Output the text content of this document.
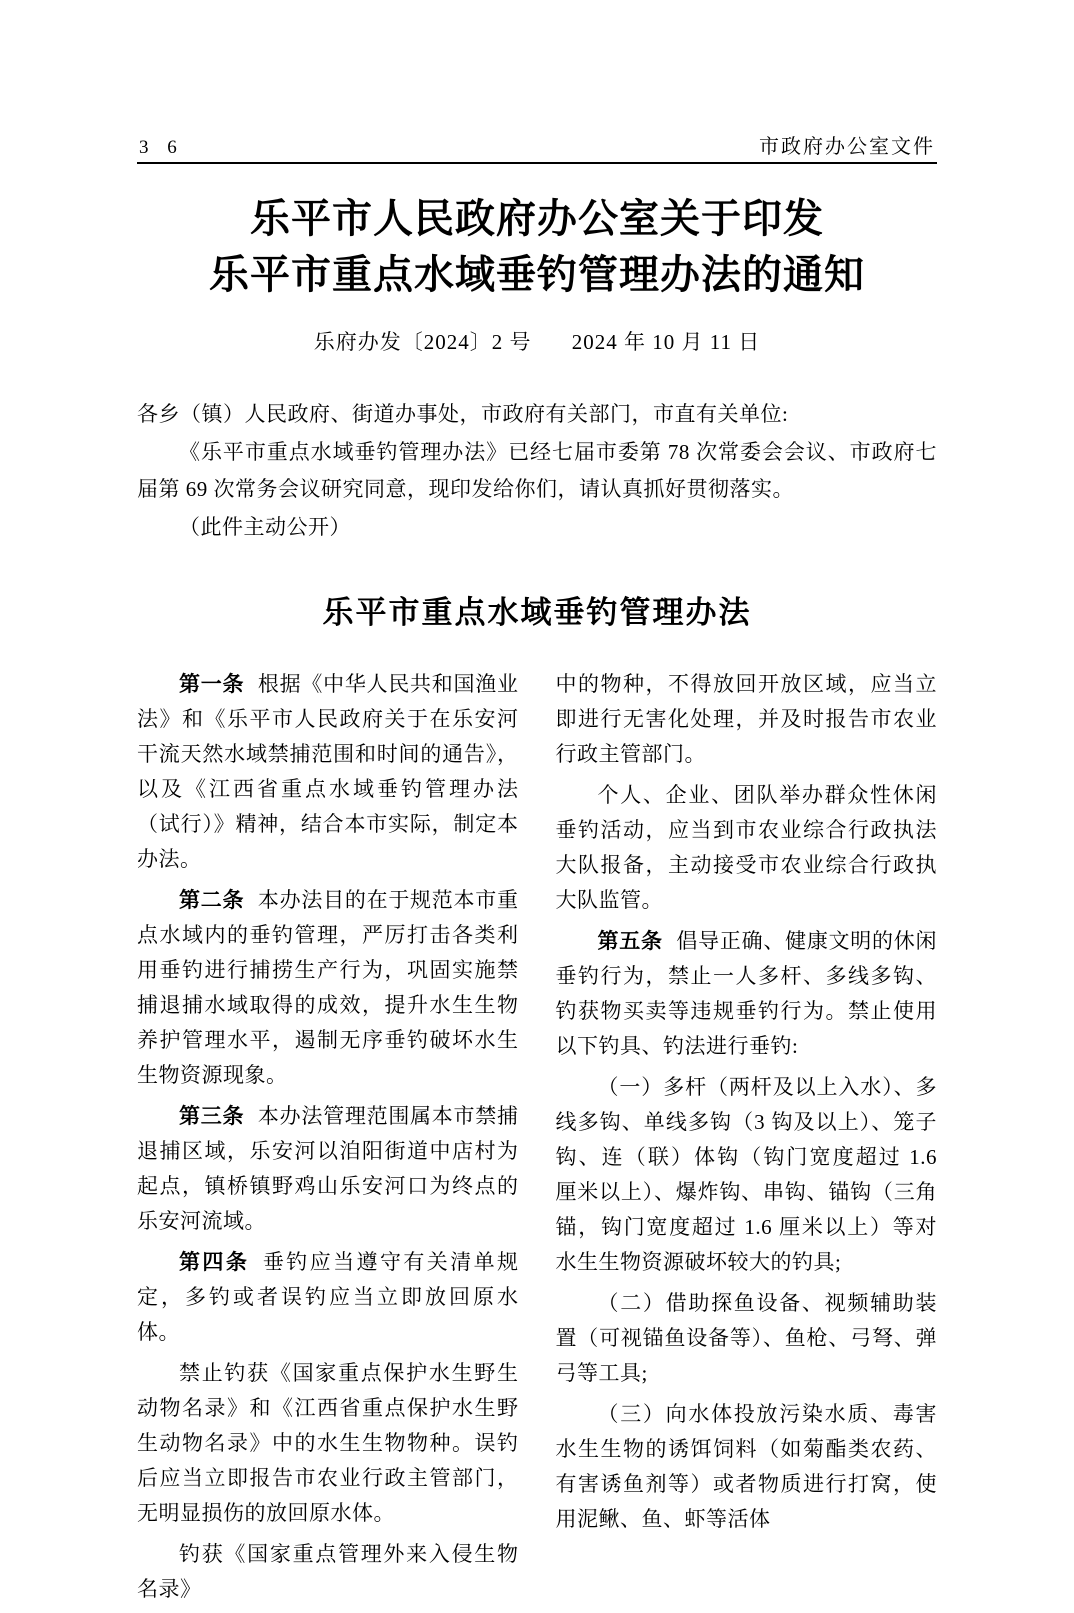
3 6	市政府办公室文件
乐平市人民政府办公室关于印发
乐平市重点水域垂钓管理办法的通知
乐府办发〔2024〕2 号 2024 年 10 月 11 日

各乡（镇）人民政府、街道办事处，市政府有关部门，市直有关单位:

《乐平市重点水域垂钓管理办法》已经七届市委第 78 次常委会会议、市政府七届第 69 次常务会议研究同意，现印发给你们，请认真抓好贯彻落实。

（此件主动公开）

乐平市重点水域垂钓管理办法

第一条 根据《中华人民共和国渔业法》和《乐平市人民政府关于在乐安河干流天然水域禁捕范围和时间的通告》，以及《江西省重点水域垂钓管理办法（试行）》精神，结合本市实际，制定本办法。

第二条 本办法目的在于规范本市重点水域内的垂钓管理，严厉打击各类利用垂钓进行捕捞生产行为，巩固实施禁捕退捕水域取得的成效，提升水生生物养护管理水平，遏制无序垂钓破坏水生生物资源现象。

第三条 本办法管理范围属本市禁捕退捕区域，乐安河以洎阳街道中店村为起点，镇桥镇野鸡山乐安河口为终点的乐安河流域。

第四条 垂钓应当遵守有关清单规定，多钓或者误钓应当立即放回原水体。

禁止钓获《国家重点保护水生野生动物名录》和《江西省重点保护水生野生动物名录》中的水生生物物种。误钓后应当立即报告市农业行政主管部门，无明显损伤的放回原水体。

钓获《国家重点管理外来入侵生物名录》

中的物种，不得放回开放区域，应当立即进行无害化处理，并及时报告市农业行政主管部门。

个人、企业、团队举办群众性休闲垂钓活动，应当到市农业综合行政执法大队报备，主动接受市农业综合行政执大队监管。

第五条 倡导正确、健康文明的休闲垂钓行为，禁止一人多杆、多线多钩、钓获物买卖等违规垂钓行为。禁止使用以下钓具、钓法进行垂钓:

（一）多杆（两杆及以上入水）、多线多钩、单线多钩（3 钩及以上）、笼子钩、连（联）体钩（钩门宽度超过 1.6 厘米以上）、爆炸钩、串钩、锚钩（三角锚，钩门宽度超过 1.6 厘米以上）等对水生生物资源破坏较大的钓具;

（二）借助探鱼设备、视频辅助装置（可视锚鱼设备等）、鱼枪、弓弩、弹弓等工具;

（三）向水体投放污染水质、毒害水生生物的诱饵饲料（如菊酯类农药、有害诱鱼剂等）或者物质进行打窝，使用泥鳅、鱼、虾等活体
